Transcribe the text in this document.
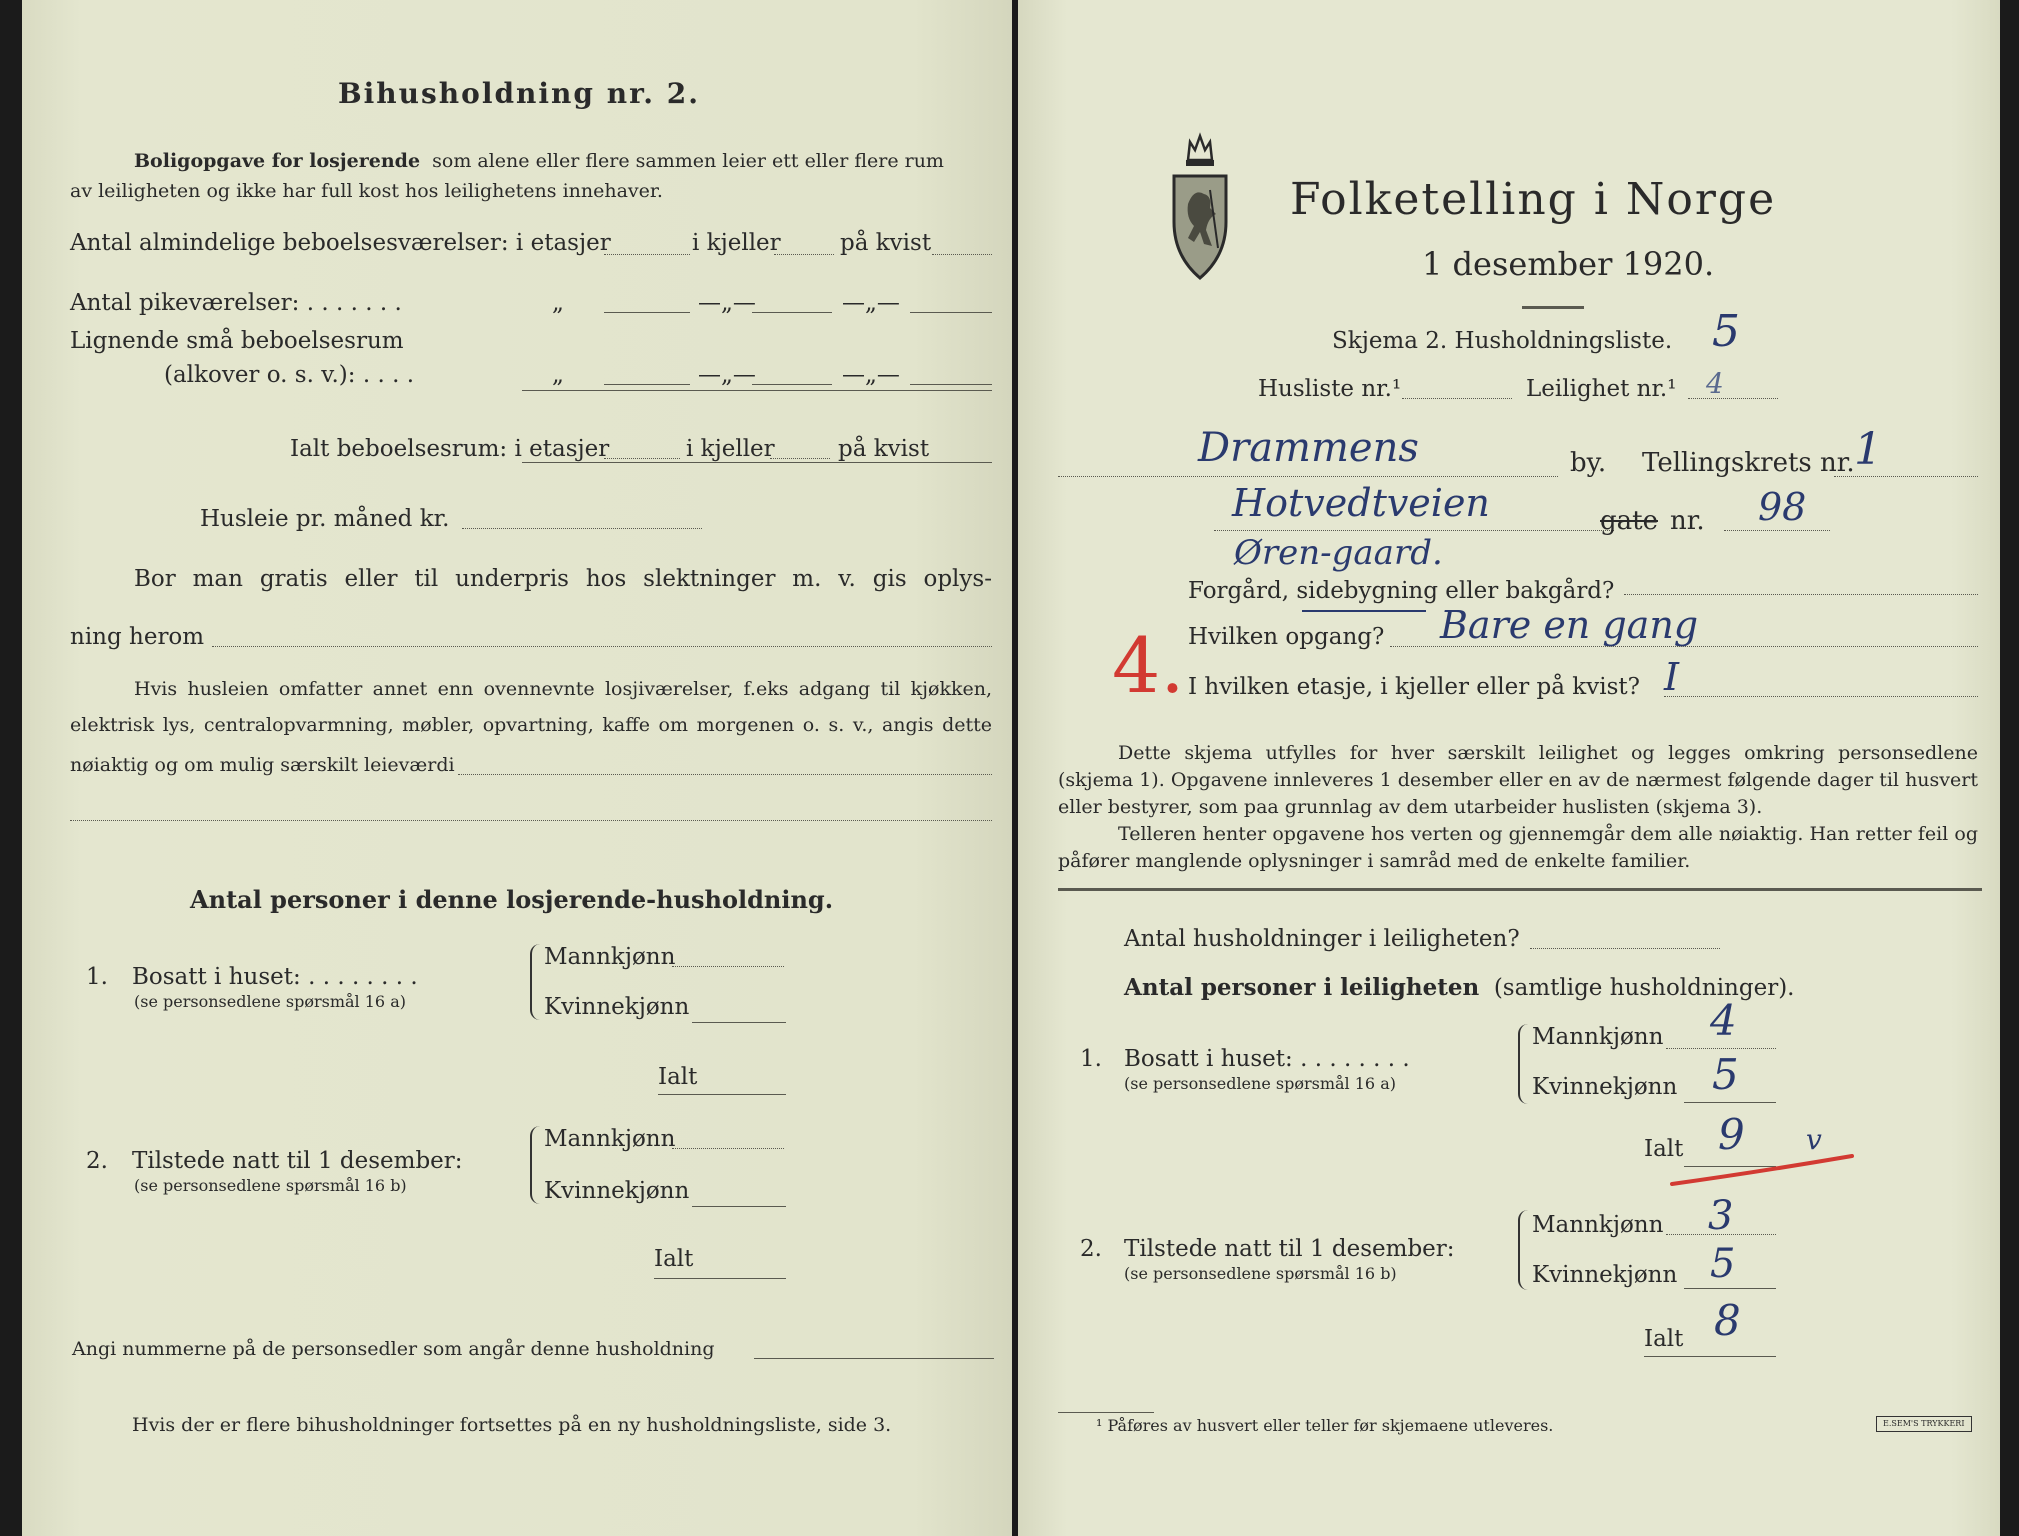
Bihusholdning nr. 2.
Boligopgave for losjerende som alene eller flere sammen leier ett eller flere rum
av leiligheten og ikke har full kost hos leilighetens innehaver.
Antal almindelige beboelsesværelser: i etasjer	i kjeller	på kvist
Antal pikeværelser: . . . . . . .	„	—„—	—„—
Lignende små beboelsesrum
(alkover o. s. v.): . . . .	„	—„—	—„—
Ialt beboelsesrum: i etasjer	i kjeller	på kvist
Husleie pr. måned kr.
Bor man gratis eller til underpris hos slektninger m. v. gis oplys-
ning herom
Hvis husleien omfatter annet enn ovennevnte losjiværelser, f.eks adgang til kjøkken,
elektrisk lys, centralopvarmning, møbler, opvartning, kaffe om morgenen o. s. v., angis dette
nøiaktig og om mulig særskilt leieværdi
Antal personer i denne losjerende-husholdning.
1. Bosatt i huset: . . . . . . . .
(se personsedlene spørsmål 16 a)
Mannkjønn
Kvinnekjønn
Ialt
2. Tilstede natt til 1 desember:
(se personsedlene spørsmål 16 b)
Mannkjønn
Kvinnekjønn
Ialt
Angi nummerne på de personsedler som angår denne husholdning
Hvis der er flere bihusholdninger fortsettes på en ny husholdningsliste, side 3.
Folketelling i Norge
1 desember 1920.
Skjema 2. Husholdningsliste. 5
Husliste nr.¹	Leilighet nr.¹ 4
Drammens	by. Tellingskrets nr. 1
Hotvedtveien	gate nr. 98
Øren-gaard.
Forgård, sidebygning eller bakgård?
4. Hvilken opgang? Bare en gang
I hvilken etasje, i kjeller eller på kvist? I

Dette skjema utfylles for hver særskilt leilighet og legges omkring personsedlene (skjema 1). Opgavene innleveres 1 desember eller en av de nærmest følgende dager til husvert eller bestyrer, som paa grunnlag av dem utarbeider huslisten (skjema 3).

Telleren henter opgavene hos verten og gjennemgår dem alle nøiaktig. Han retter feil og påfører manglende oplysninger i samråd med de enkelte familier.

Antal husholdninger i leiligheten?
Antal personer i leiligheten (samtlige husholdninger).
1. Bosatt i huset: . . . . . . . .
(se personsedlene spørsmål 16 a)
Mannkjønn 4
Kvinnekjønn 5
Ialt 9 v
2. Tilstede natt til 1 desember:
(se personsedlene spørsmål 16 b)
Mannkjønn 3
Kvinnekjønn 5
Ialt 8
¹ Påføres av husvert eller teller før skjemaene utleveres.	E.SEM'S TRYKKERI
